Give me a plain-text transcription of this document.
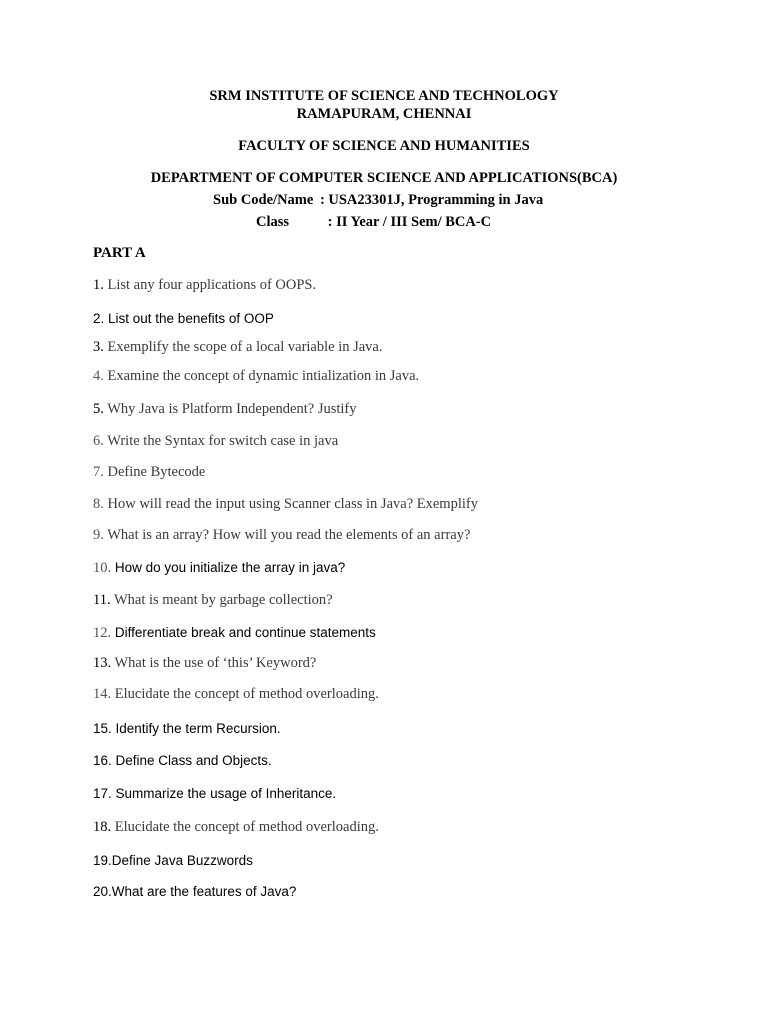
SRM INSTITUTE OF SCIENCE AND TECHNOLOGY
RAMAPURAM, CHENNAI
FACULTY OF SCIENCE AND HUMANITIES
DEPARTMENT OF COMPUTER SCIENCE AND APPLICATIONS(BCA)
Sub Code/Name : USA23301J, Programming in Java
Class	: II Year / III Sem/ BCA-C
PART A
1. List any four applications of OOPS.
2. List out the benefits of OOP
3. Exemplify the scope of a local variable in Java.
4. Examine the concept of dynamic intialization in Java.
5. Why Java is Platform Independent? Justify
6. Write the Syntax for switch case in java
7. Define Bytecode
8. How will read the input using Scanner class in Java? Exemplify
9. What is an array? How will you read the elements of an array?
10. How do you initialize the array in java?
11. What is meant by garbage collection?
12. Differentiate break and continue statements
13. What is the use of ‘this’ Keyword?
14. Elucidate the concept of method overloading.
15. Identify the term Recursion.
16. Define Class and Objects.
17. Summarize the usage of Inheritance.
18. Elucidate the concept of method overloading.
19.Define Java Buzzwords
20.What are the features of Java?
